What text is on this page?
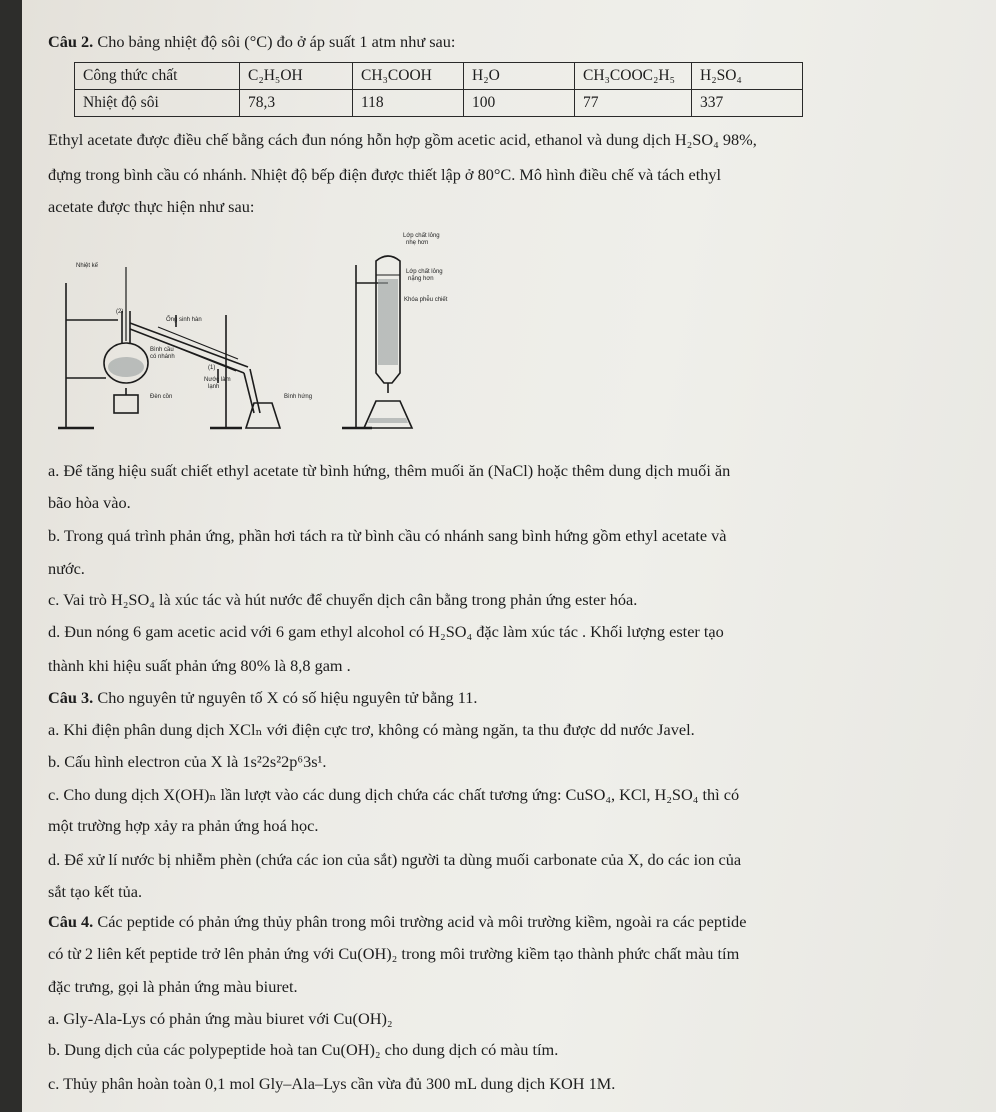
Câu 2. Cho bảng nhiệt độ sôi (°C) đo ở áp suất 1 atm như sau:
Công thức chất	C₂H₅OH	CH₃COOH	H₂O	CH₃COOC₂H₅	H₂SO₄
Nhiệt độ sôi	78,3	118	100	77	337
Ethyl acetate được điều chế bằng cách đun nóng hỗn hợp gồm acetic acid, ethanol và dung dịch H₂SO₄ 98%,
đựng trong bình cầu có nhánh. Nhiệt độ bếp điện được thiết lập ở 80°C. Mô hình điều chế và tách ethyl
acetate được thực hiện như sau:
Nhiệt kế
(2)
Ống sinh hàn
Bình cầu
có nhánh
(1)
Nước làm
lạnh
Đèn cồn	Bình hứng
Lớp chất lỏng
nhẹ hơn
Lớp chất lỏng
nặng hơn
Khóa phễu chiết
a. Để tăng hiệu suất chiết ethyl acetate từ bình hứng, thêm muối ăn (NaCl) hoặc thêm dung dịch muối ăn
bão hòa vào.
b. Trong quá trình phản ứng, phần hơi tách ra từ bình cầu có nhánh sang bình hứng gồm ethyl acetate và
nước.
c. Vai trò H₂SO₄ là xúc tác và hút nước để chuyển dịch cân bằng trong phản ứng ester hóa.
d. Đun nóng 6 gam acetic acid với 6 gam ethyl alcohol có H₂SO₄ đặc làm xúc tác . Khối lượng ester tạo
thành khi hiệu suất phản ứng 80% là 8,8 gam .
Câu 3. Cho nguyên tử nguyên tố X có số hiệu nguyên tử bằng 11.
a. Khi điện phân dung dịch XClₙ với điện cực trơ, không có màng ngăn, ta thu được dd nước Javel.
b. Cấu hình electron của X là 1s²2s²2p⁶3s¹.
c. Cho dung dịch X(OH)ₙ lần lượt vào các dung dịch chứa các chất tương ứng: CuSO₄, KCl, H₂SO₄ thì có
một trường hợp xảy ra phản ứng hoá học.
d. Để xử lí nước bị nhiễm phèn (chứa các ion của sắt) người ta dùng muối carbonate của X, do các ion của
sắt tạo kết tủa.
Câu 4. Các peptide có phản ứng thủy phân trong môi trường acid và môi trường kiềm, ngoài ra các peptide
có từ 2 liên kết peptide trở lên phản ứng với Cu(OH)₂ trong môi trường kiềm tạo thành phức chất màu tím
đặc trưng, gọi là phản ứng màu biuret.
a. Gly-Ala-Lys có phản ứng màu biuret với Cu(OH)₂
b. Dung dịch của các polypeptide hoà tan Cu(OH)₂ cho dung dịch có màu tím.
c. Thủy phân hoàn toàn 0,1 mol Gly–Ala–Lys cần vừa đủ 300 mL dung dịch KOH 1M.
